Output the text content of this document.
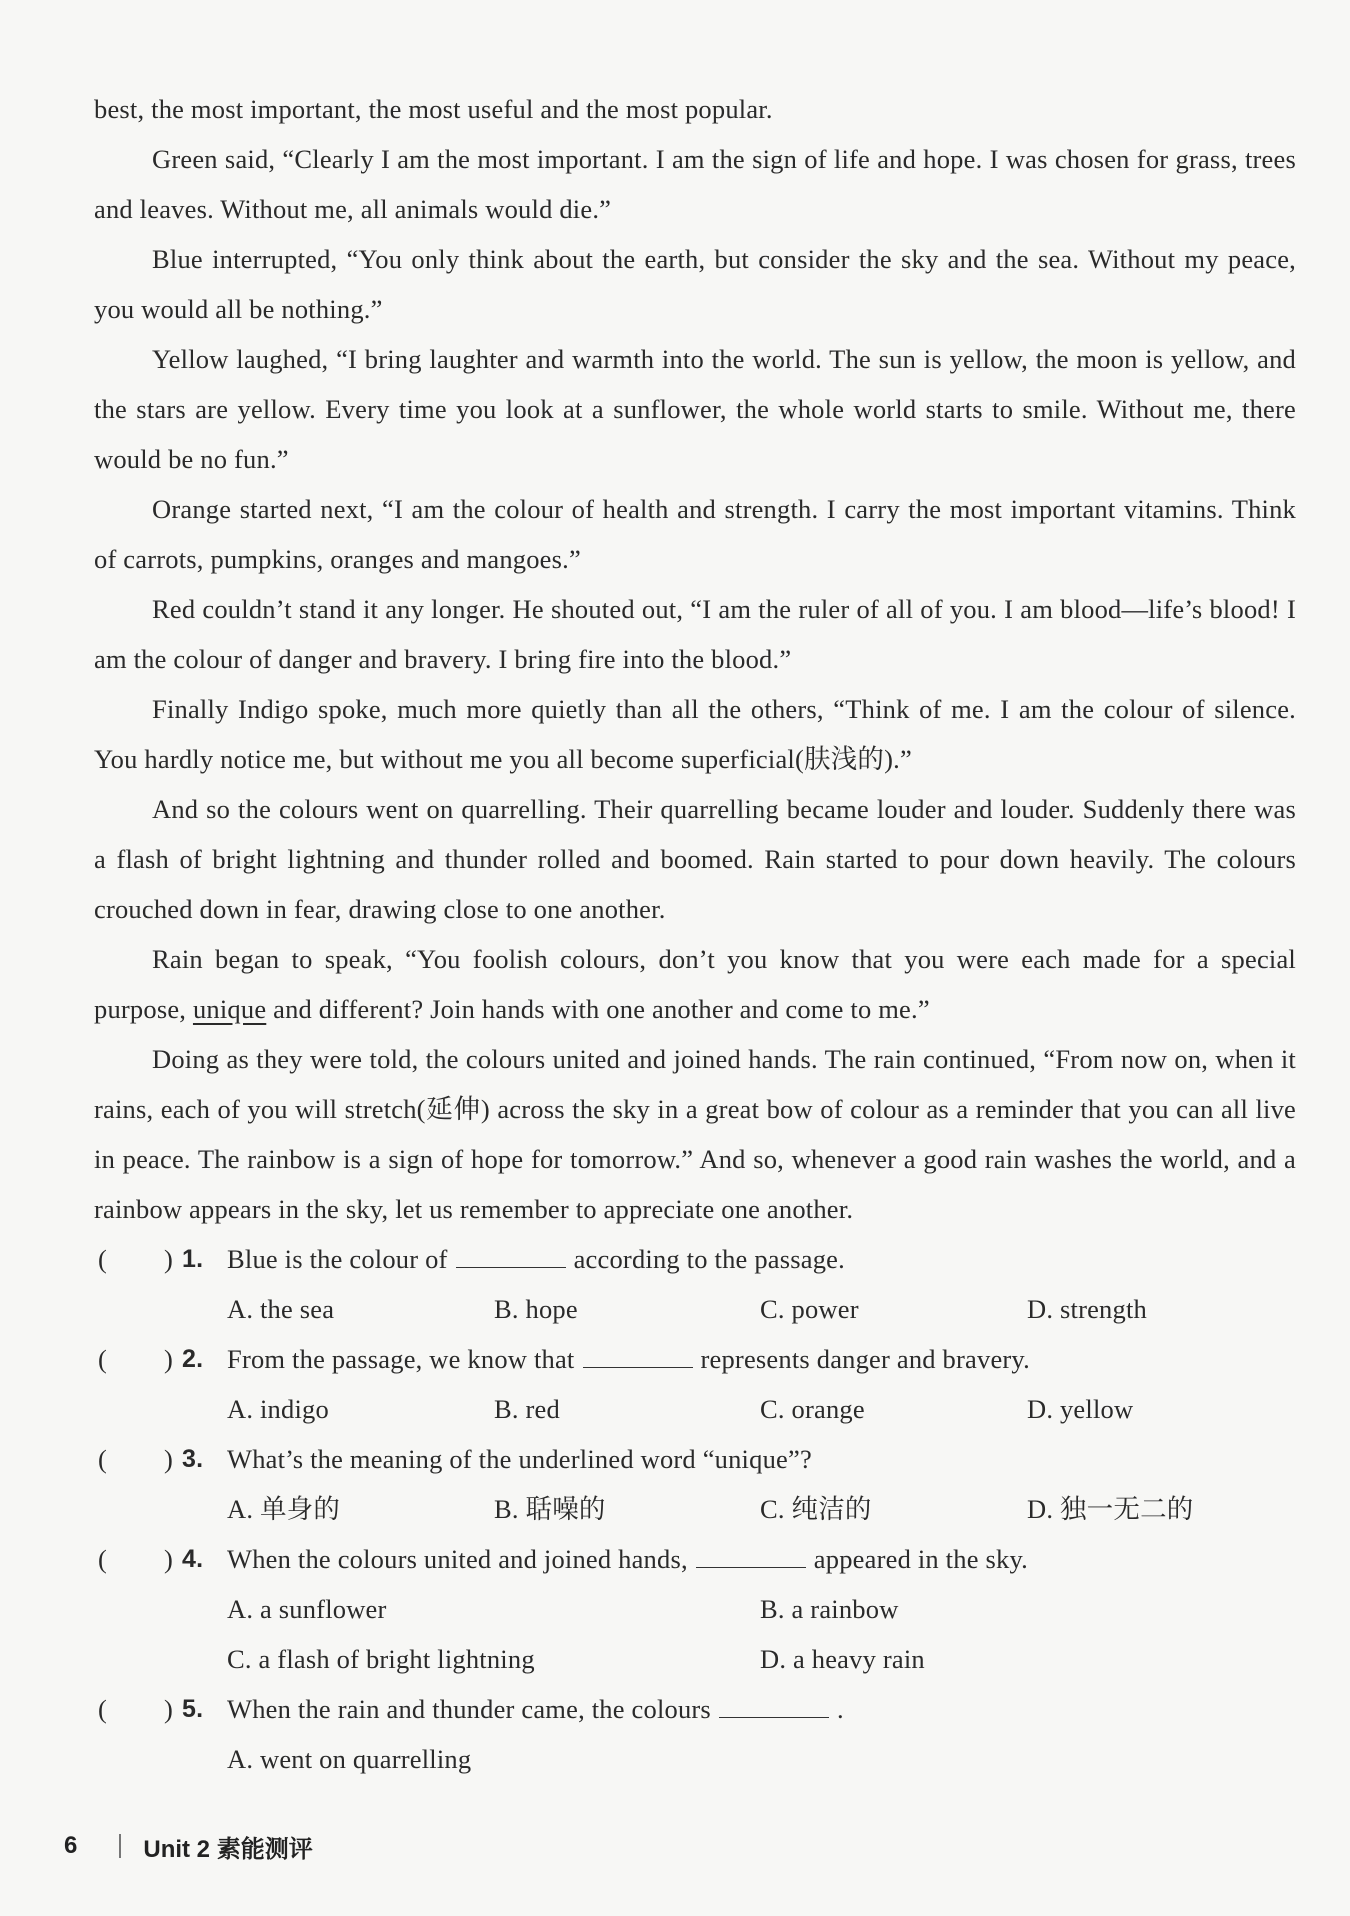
best, the most important, the most useful and the most popular.

Green said, “Clearly I am the most important. I am the sign of life and hope. I was chosen for grass, trees and leaves. Without me, all animals would die.”

Blue interrupted, “You only think about the earth, but consider the sky and the sea. Without my peace, you would all be nothing.”

Yellow laughed, “I bring laughter and warmth into the world. The sun is yellow, the moon is yellow, and the stars are yellow. Every time you look at a sunflower, the whole world starts to smile. Without me, there would be no fun.”

Orange started next, “I am the colour of health and strength. I carry the most important vitamins. Think of carrots, pumpkins, oranges and mangoes.”

Red couldn’t stand it any longer. He shouted out, “I am the ruler of all of you. I am blood—life’s blood! I am the colour of danger and bravery. I bring fire into the blood.”

Finally Indigo spoke, much more quietly than all the others, “Think of me. I am the colour of silence. You hardly notice me, but without me you all become superficial(肤浅的).”

And so the colours went on quarrelling. Their quarrelling became louder and louder. Suddenly there was a flash of bright lightning and thunder rolled and boomed. Rain started to pour down heavily. The colours crouched down in fear, drawing close to one another.

Rain began to speak, “You foolish colours, don’t you know that you were each made for a special purpose, unique and different? Join hands with one another and come to me.”

Doing as they were told, the colours united and joined hands. The rain continued, “From now on, when it rains, each of you will stretch(延伸) across the sky in a great bow of colour as a reminder that you can all live in peace. The rainbow is a sign of hope for tomorrow.” And so, whenever a good rain washes the world, and a rainbow appears in the sky, let us remember to appreciate one another.

( ) 1. Blue is the colour of	according to the passage.
A. the sea	B. hope	C. power	D. strength
( ) 2. From the passage, we know that	represents danger and bravery.
A. indigo	B. red	C. orange	D. yellow
( ) 3. What’s the meaning of the underlined word “unique”?
A. 单身的	B. 聒噪的	C. 纯洁的	D. 独一无二的
( ) 4. When the colours united and joined hands,	appeared in the sky.
A. a sunflower	B. a rainbow
C. a flash of bright lightning	D. a heavy rain
( ) 5. When the rain and thunder came, the colours	.
A. went on quarrelling
6	Unit 2 素能测评
